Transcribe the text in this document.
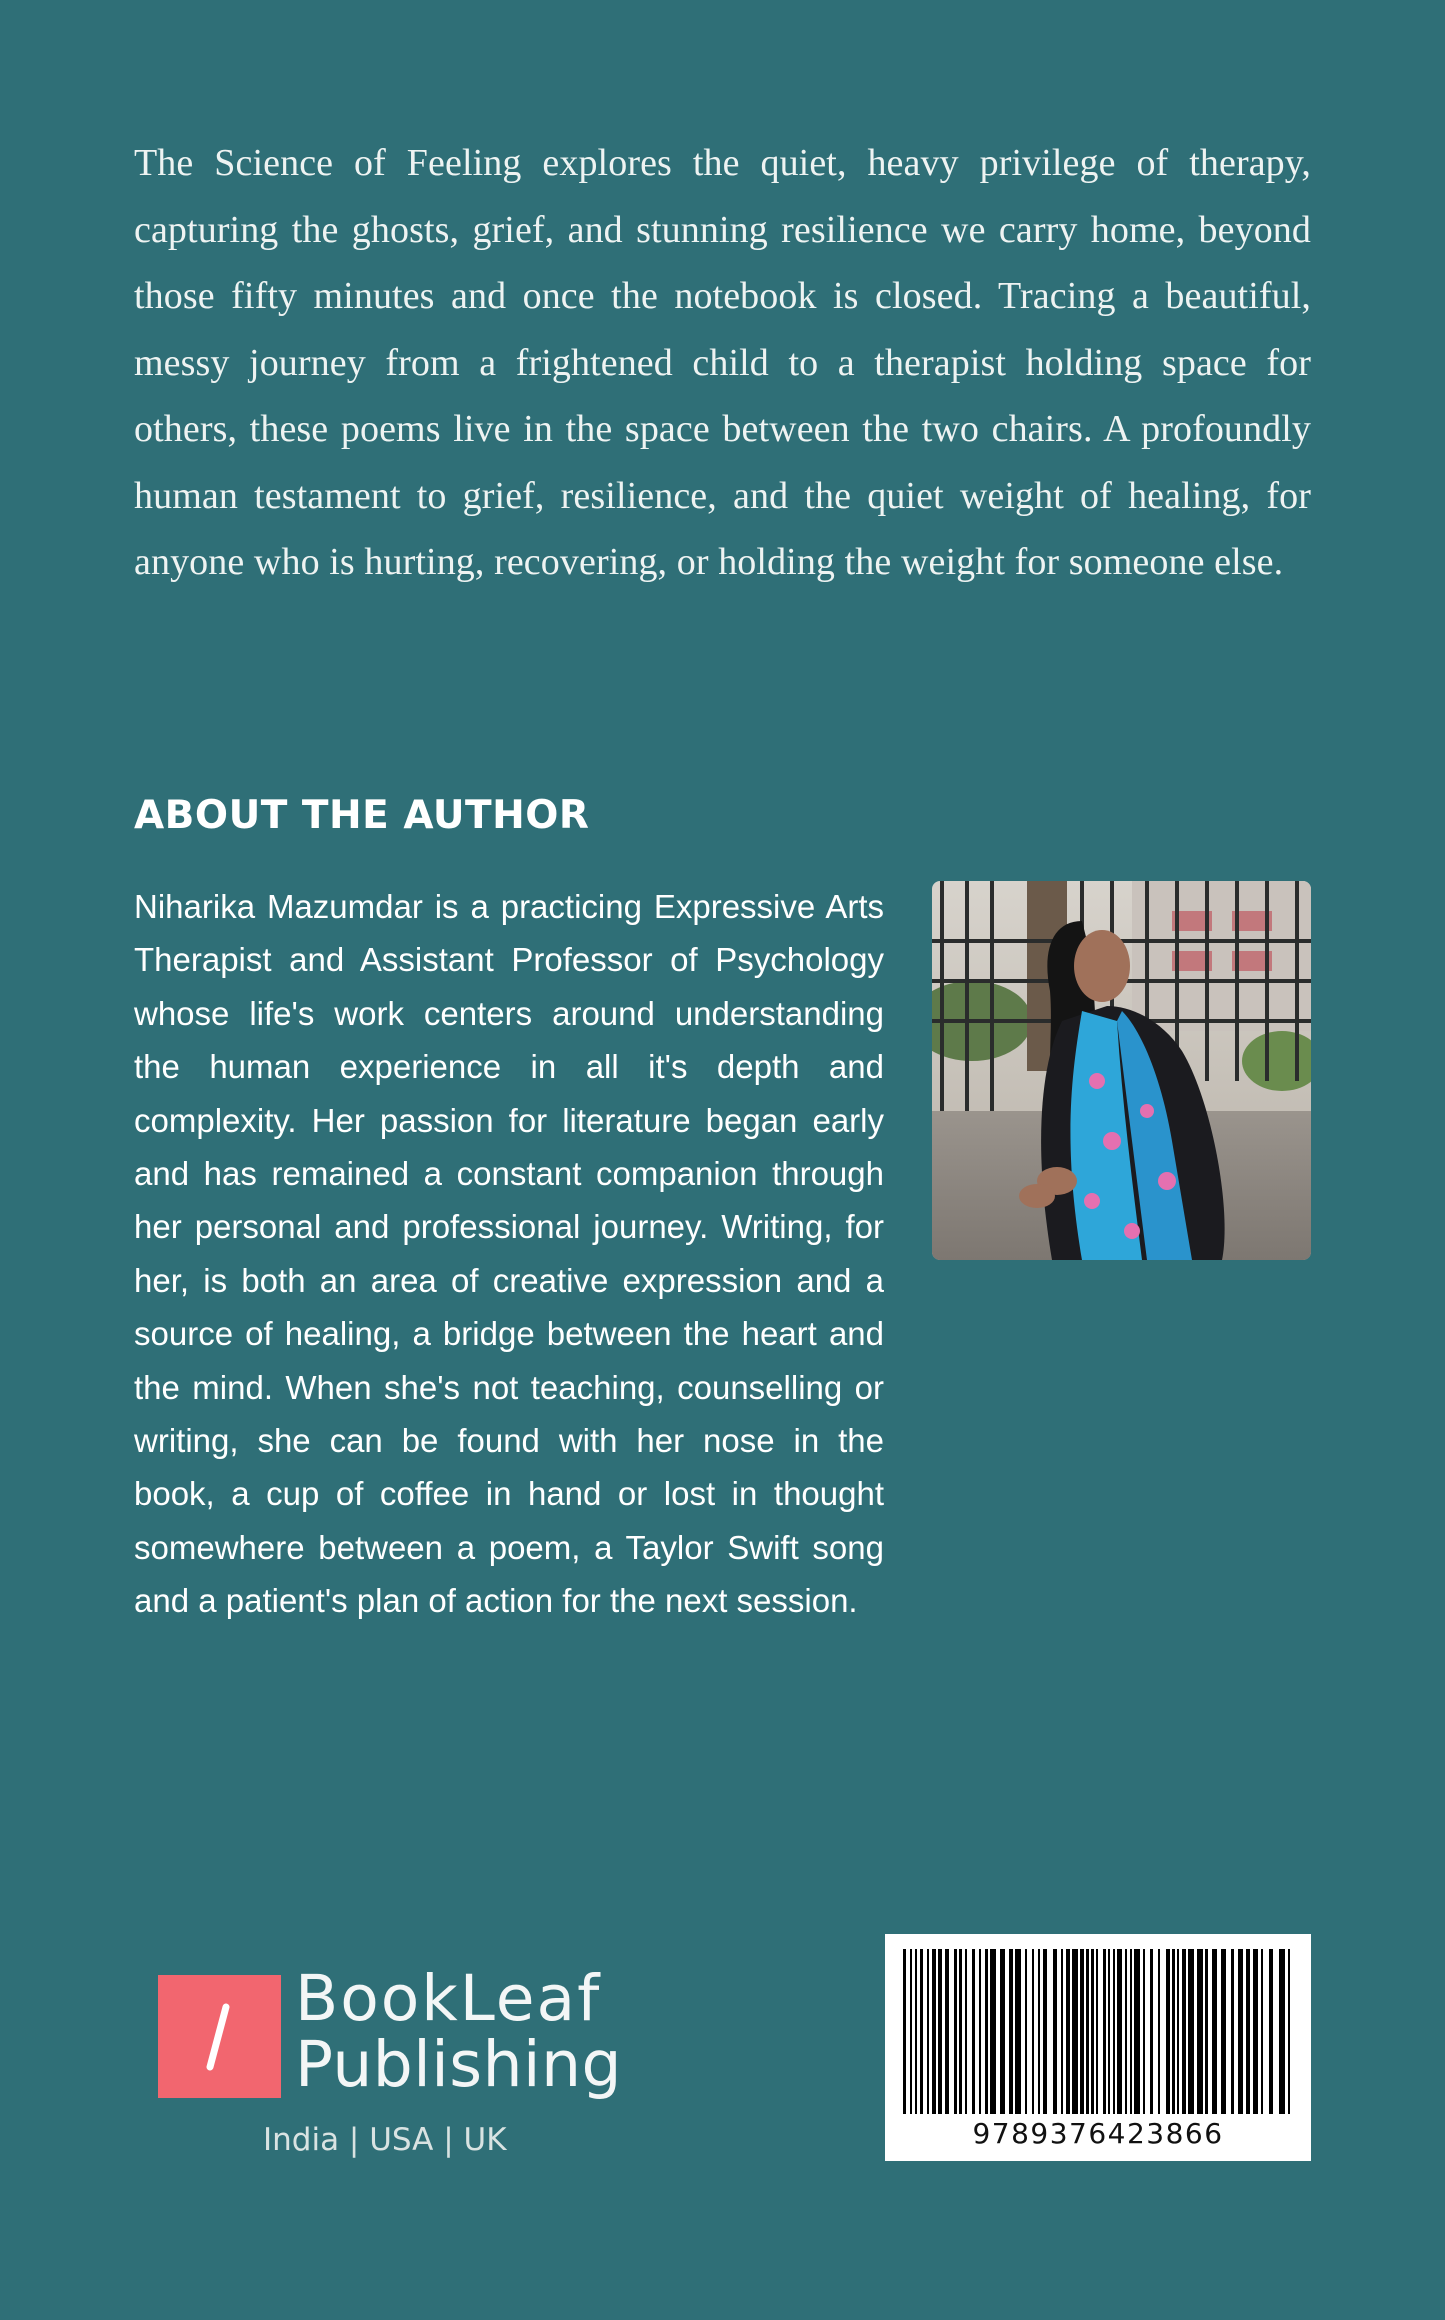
The Science of Feeling explores the quiet, heavy privilege of therapy, capturing the ghosts, grief, and stunning resilience we carry home, beyond those fifty minutes and once the notebook is closed. Tracing a beautiful, messy journey from a frightened child to a therapist holding space for others, these poems live in the space between the two chairs. A profoundly human testament to grief, resilience, and the quiet weight of healing, for anyone who is hurting, recovering, or holding the weight for someone else.

ABOUT THE AUTHOR

Niharika Mazumdar is a practicing Expressive Arts Therapist and Assistant Professor of Psychology whose life's work centers around understanding the human experience in all it's depth and complexity. Her passion for literature began early and has remained a constant companion through her personal and professional journey. Writing, for her, is both an area of creative expression and a source of healing, a bridge between the heart and the mind. When she's not teaching, counselling or writing, she can be found with her nose in the book, a cup of coffee in hand or lost in thought somewhere between a poem, a Taylor Swift song and a patient's plan of action for the next session.

BookLeaf

Publishing

India | USA | UK	9789376423866
